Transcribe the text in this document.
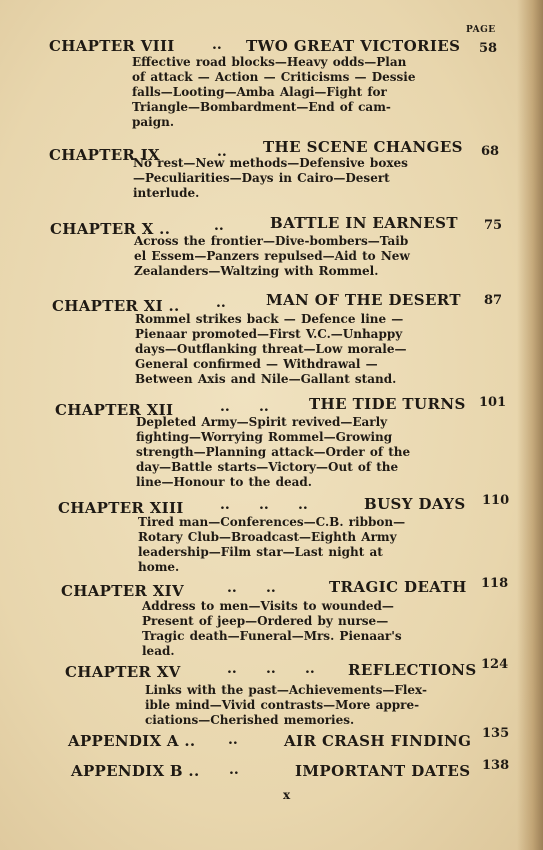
PAGE
CHAPTER VIII	.. TWO GREAT VICTORIES 58
Effective road blocks—Heavy odds—Plan
of attack — Action — Criticisms — Dessie
falls—Looting—Amba Alagi—Fight for
Triangle—Bombardment—End of cam-
paign.
CHAPTER IX	.. THE SCENE CHANGES 68
No rest—New methods—Defensive boxes
—Peculiarities—Days in Cairo—Desert
interlude.
CHAPTER X ..	..	BATTLE IN EARNEST 75
Across the frontier—Dive-bombers—Taib
el Essem—Panzers repulsed—Aid to New
Zealanders—Waltzing with Rommel.
CHAPTER XI ..	..	MAN OF THE DESERT 87
Rommel strikes back — Defence line —
Pienaar promoted—First V.C.—Unhappy
days—Outflanking threat—Low morale—
General confirmed — Withdrawal —
Between Axis and Nile—Gallant stand.
CHAPTER XII	..      ..	THE TIDE TURNS 101
Depleted Army—Spirit revived—Early
fighting—Worrying Rommel—Growing
strength—Planning attack—Order of the
day—Battle starts—Victory—Out of the
line—Honour to the dead.
CHAPTER XIII	..      ..      ..	BUSY DAYS 110
Tired man—Conferences—C.B. ribbon—
Rotary Club—Broadcast—Eighth Army
leadership—Film star—Last night at
home.
CHAPTER XIV	..      ..	TRAGIC DEATH 118
Address to men—Visits to wounded—
Present of jeep—Ordered by nurse—
Tragic death—Funeral—Mrs. Pienaar's
lead.
CHAPTER XV	..      ..      .. REFLECTIONS 124
Links with the past—Achievements—Flex-
ible mind—Vivid contrasts—More appre-
ciations—Cherished memories.
APPENDIX A .. ..	AIR CRASH FINDING 135
APPENDIX B .. ..	IMPORTANT DATES 138
x
